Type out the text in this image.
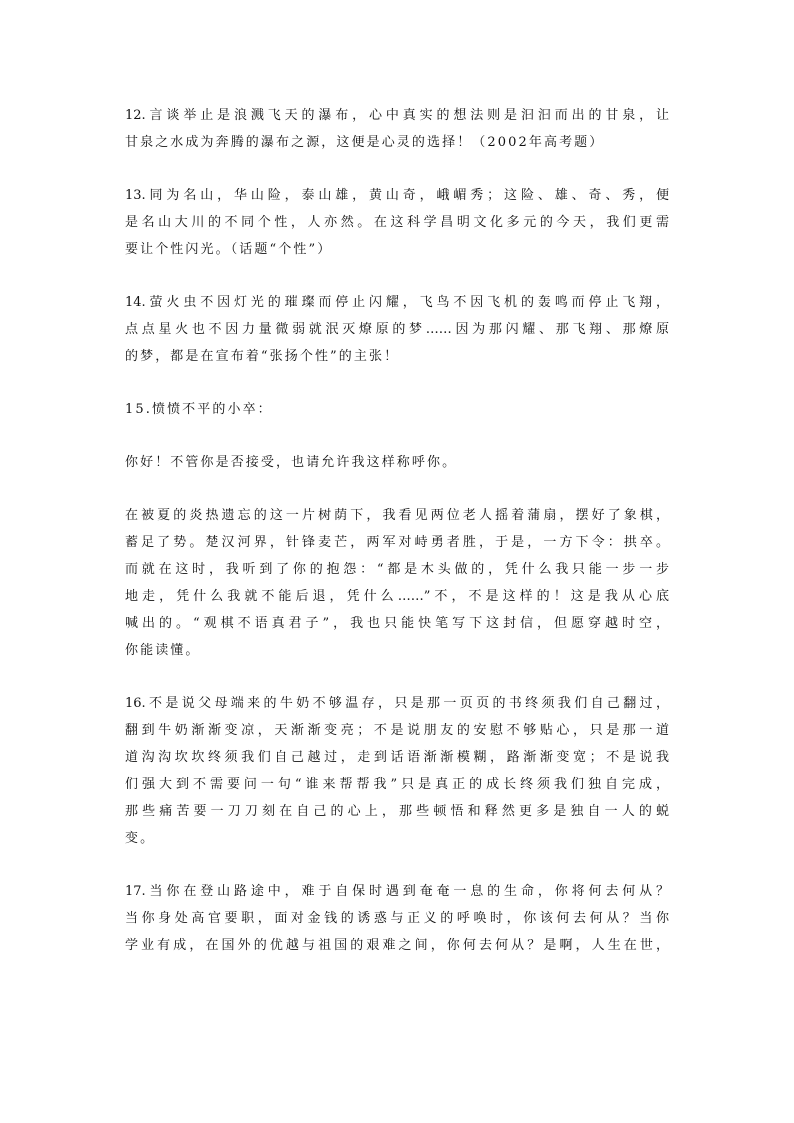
12.言谈举止是浪溅飞天的瀑布，心中真实的想法则是汩汩而出的甘泉，让
甘泉之水成为奔腾的瀑布之源，这便是心灵的选择！（2002年高考题）
13.同为名山，华山险，泰山雄，黄山奇，峨嵋秀；这险、雄、奇、秀，便
是名山大川的不同个性，人亦然。在这科学昌明文化多元的今天，我们更需
要让个性闪光。（话题“个性”）
14.萤火虫不因灯光的璀璨而停止闪耀，飞鸟不因飞机的轰鸣而停止飞翔，
点点星火也不因力量微弱就泯灭燎原的梦……因为那闪耀、那飞翔、那燎原
的梦，都是在宣布着“张扬个性”的主张！
15.愤愤不平的小卒：
你好！不管你是否接受，也请允许我这样称呼你。
在被夏的炎热遗忘的这一片树荫下，我看见两位老人摇着蒲扇，摆好了象棋，
蓄足了势。楚汉河界，针锋麦芒，两军对峙勇者胜，于是，一方下令：拱卒。
而就在这时，我听到了你的抱怨：“都是木头做的，凭什么我只能一步一步
地走，凭什么我就不能后退，凭什么……”不，不是这样的！这是我从心底
喊出的。“观棋不语真君子”，我也只能快笔写下这封信，但愿穿越时空，
你能读懂。
16.不是说父母端来的牛奶不够温存，只是那一页页的书终须我们自己翻过，
翻到牛奶渐渐变凉，天渐渐变亮；不是说朋友的安慰不够贴心，只是那一道
道沟沟坎坎终须我们自己越过，走到话语渐渐模糊，路渐渐变宽；不是说我
们强大到不需要问一句“谁来帮帮我”只是真正的成长终须我们独自完成，
那些痛苦要一刀刀刻在自己的心上，那些顿悟和释然更多是独自一人的蜕
变。
17.当你在登山路途中，难于自保时遇到奄奄一息的生命，你将何去何从？
当你身处高官要职，面对金钱的诱惑与正义的呼唤时，你该何去何从？当你
学业有成，在国外的优越与祖国的艰难之间，你何去何从？是啊，人生在世，
